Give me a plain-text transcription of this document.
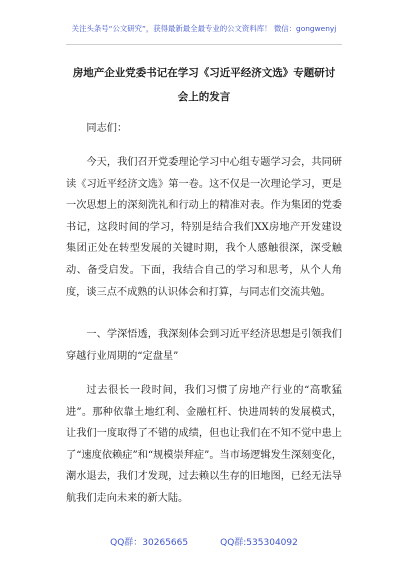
关注头条号“公文研究”，获得最新最全最专业的公文资料库！ 微信：gongwenyj
房地产企业党委书记在学习《习近平经济文选》专题研讨
会上的发言

同志们：

今天，我们召开党委理论学习中心组专题学习会，共同研读《习近平经济文选》第一卷。这不仅是一次理论学习，更是一次思想上的深刻洗礼和行动上的精准对表。作为集团的党委书记，这段时间的学习，特别是结合我们XX房地产开发建设集团正处在转型发展的关键时期，我个人感触很深，深受触动、备受启发。下面，我结合自己的学习和思考，从个人角度，谈三点不成熟的认识体会和打算，与同志们交流共勉。

一、学深悟透，我深刻体会到习近平经济思想是引领我们穿越行业周期的“定盘星”

过去很长一段时间，我们习惯了房地产行业的“高歌猛进”。那种依靠土地红利、金融杠杆、快进周转的发展模式，让我们一度取得了不错的成绩，但也让我们在不知不觉中患上了“速度依赖症”和“规模崇拜症”。当市场逻辑发生深刻变化，潮水退去，我们才发现，过去赖以生存的旧地图，已经无法导航我们走向未来的新大陆。

QQ群：30265665	QQ群:535304092
